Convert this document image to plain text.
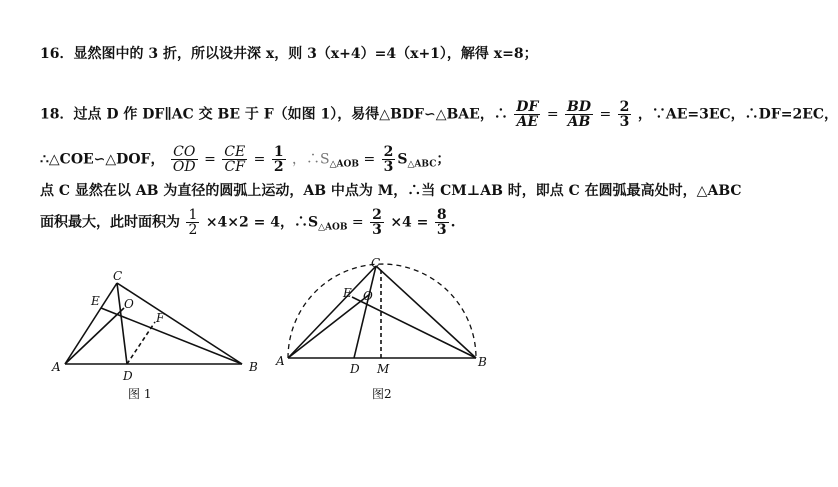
16．显然图中的 3 折，所以设井深 x，则 3（x+4）=4（x+1），解得 x=8；
18．过点 D 作 DF∥AC 交 BE 于 F（如图 1），易得△BDF∽△BAE，∴ $\frac{DF}{AE} = \frac{BD}{AB} = \frac{2}{3}$ ，∵AE=3EC，∴DF=2EC，
∴△COE∽△DOF， $\frac{CO}{OD} = \frac{CE}{CF} = \frac{1}{2}$ ，$\therefore S_{\triangle AOB} = \frac{2}{3} S_{\triangle ABC}$；
点 C 显然在以 AB 为直径的圆弧上运动，AB 中点为 M，∴当 CM⊥AB 时，即点 C 在圆弧最高处时，△ABC
面积最大，此时面积为 $\frac{1}{2} \times 4\times 2 = 4$，$\therefore S_{\triangle AOB} = \frac{2}{3} \times 4 = \frac{8}{3}$ .
C
E O
F
A
D
B
图 1
C
E O
A
D M	B
图2
